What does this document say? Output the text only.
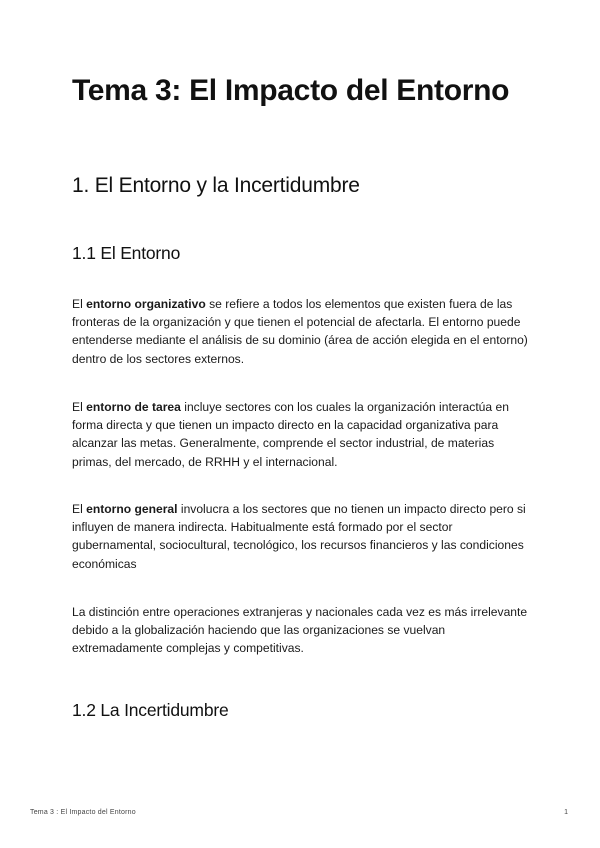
Tema 3: El Impacto del Entorno
1. El Entorno y la Incertidumbre
1.1 El Entorno

El entorno organizativo se refiere a todos los elementos que existen fuera de las fronteras de la organización y que tienen el potencial de afectarla. El entorno puede entenderse mediante el análisis de su dominio (área de acción elegida en el entorno) dentro de los sectores externos.

El entorno de tarea incluye sectores con los cuales la organización interactúa en forma directa y que tienen un impacto directo en la capacidad organizativa para alcanzar las metas. Generalmente, comprende el sector industrial, de materias primas, del mercado, de RRHH y el internacional.

El entorno general involucra a los sectores que no tienen un impacto directo pero si influyen de manera indirecta. Habitualmente está formado por el sector gubernamental, sociocultural, tecnológico, los recursos financieros y las condiciones económicas

La distinción entre operaciones extranjeras y nacionales cada vez es más irrelevante debido a la globalización haciendo que las organizaciones se vuelvan extremadamente complejas y competitivas.

1.2 La Incertidumbre
Tema 3 : El Impacto del Entorno	1
